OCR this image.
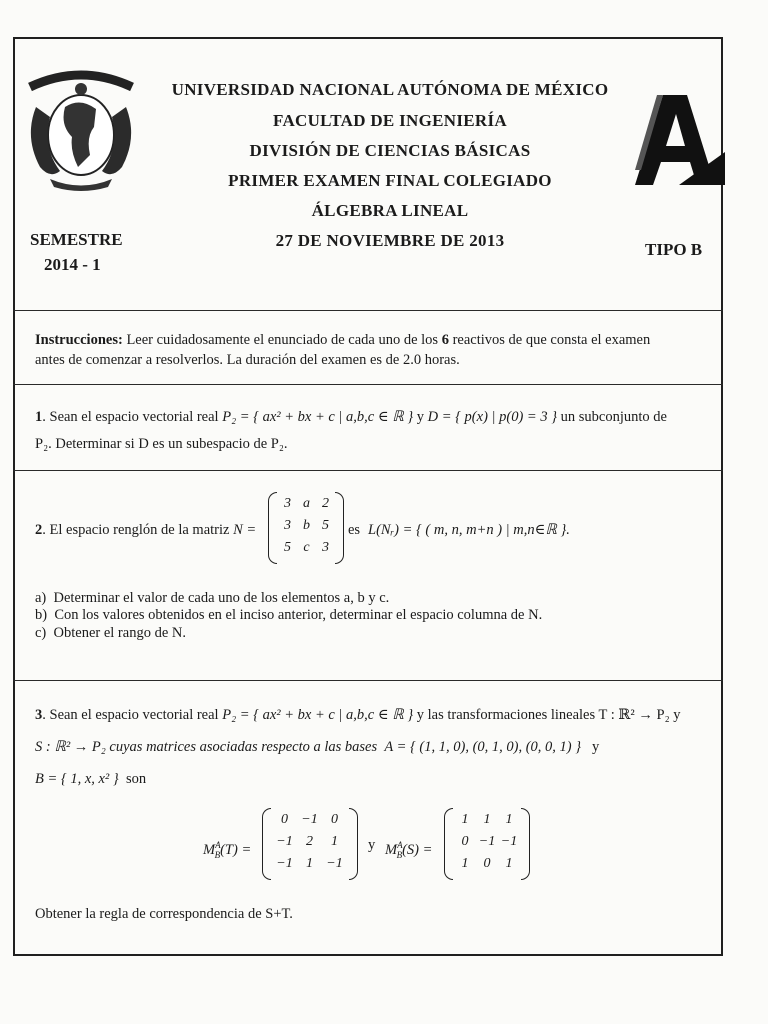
UNIVERSIDAD NACIONAL AUTÓNOMA DE MÉXICO
FACULTAD DE INGENIERÍA
DIVISIÓN DE CIENCIAS BÁSICAS
PRIMER EXAMEN FINAL COLEGIADO
ÁLGEBRA LINEAL
27 DE NOVIEMBRE DE 2013
SEMESTRE
2014 - 1
TIPO B
Instrucciones: Leer cuidadosamente el enunciado de cada uno de los 6 reactivos de que consta el examen
antes de comenzar a resolverlos. La duración del examen es de 2.0 horas.
1. Sean el espacio vectorial real P₂ = { ax² + bx + c | a,b,c ∈ ℝ } y D = { p(x) | p(0) = 3 } un subconjunto de
P₂. Determinar si D es un subespacio de P₂.
2. El espacio renglón de la matriz N =
3 a 2
3 b 5
5 c 3
es L(Nᵣ) = { ( m, n, m+n ) | m,n∈ℝ }.
a) Determinar el valor de cada uno de los elementos a, b y c.
b) Con los valores obtenidos en el inciso anterior, determinar el espacio columna de N.
c) Obtener el rango de N.
3. Sean el espacio vectorial real P₂ = { ax² + bx + c | a,b,c ∈ ℝ } y las transformaciones lineales T : ℝ² → P₂ y
S : ℝ² → P₂ cuyas matrices asociadas respecto a las bases A = { (1, 1, 0), (0, 1, 0), (0, 0, 1) } y
B = { 1, x, x² } son
$M^A_B(T)$ =
0 −1 0
−1 2	1
−1 1 −1
y $M^A_B(S)$ =
1	1	1
0 −1 −1
1	0	1
Obtener la regla de correspondencia de S+T.
